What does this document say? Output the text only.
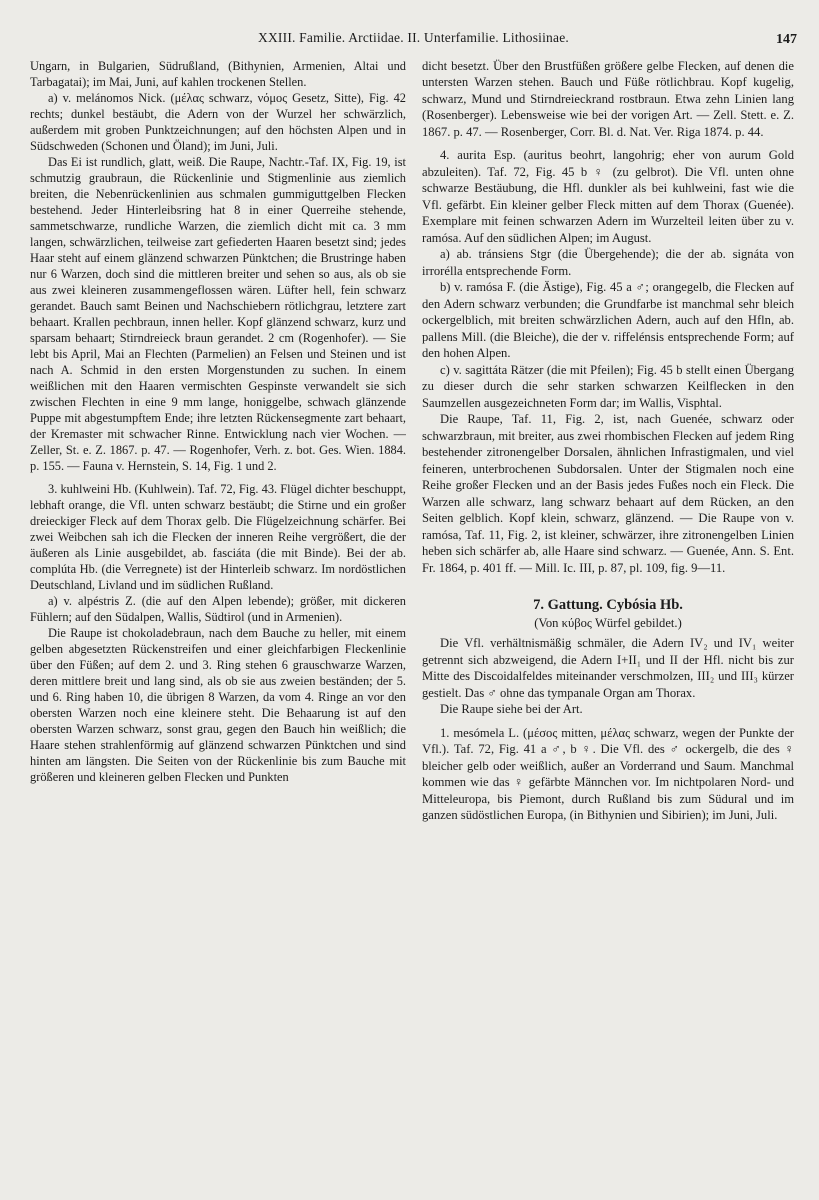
XXIII. Familie. Arctiidae. II. Unterfamilie. Lithosiinae.	147

Ungarn, in Bulgarien, Südrußland, (Bithynien, Armenien, Altai und Tarbagatai); im Mai, Juni, auf kahlen trockenen Stellen.

a) v. melánomos Nick. (μέλας schwarz, νόμος Gesetz, Sitte), Fig. 42 rechts; dunkel bestäubt, die Adern von der Wurzel her schwärzlich, außerdem mit groben Punktzeichnungen; auf den höchsten Alpen und in Südschweden (Schonen und Öland); im Juni, Juli.

Das Ei ist rundlich, glatt, weiß. Die Raupe, Nachtr.-Taf. IX, Fig. 19, ist schmutzig graubraun, die Rückenlinie und Stigmenlinie aus ziemlich breiten, die Nebenrückenlinien aus schmalen gummiguttgelben Flecken bestehend. Jeder Hinterleibsring hat 8 in einer Querreihe stehende, sammetschwarze, rundliche Warzen, die ziemlich dicht mit ca. 3 mm langen, schwärzlichen, teilweise zart gefiederten Haaren besetzt sind; jedes Haar steht auf einem glänzend schwarzen Pünktchen; die Brustringe haben nur 6 Warzen, doch sind die mittleren breiter und sehen so aus, als ob sie aus zwei kleineren zusammengeflossen wären. Lüfter hell, fein schwarz gerandet. Bauch samt Beinen und Nachschiebern rötlichgrau, letztere zart behaart. Krallen pechbraun, innen heller. Kopf glänzend schwarz, kurz und sparsam behaart; Stirndreieck braun gerandet. 2 cm (Rogenhofer). — Sie lebt bis April, Mai an Flechten (Parmelien) an Felsen und Steinen und ist nach A. Schmid in den ersten Morgenstunden zu suchen. In einem weißlichen mit den Haaren vermischten Gespinste verwandelt sie sich zwischen Flechten in eine 9 mm lange, honiggelbe, schwach glänzende Puppe mit abgestumpftem Ende; ihre letzten Rückensegmente zart behaart, der Kremaster mit schwacher Rinne. Entwicklung nach vier Wochen. — Zeller, St. e. Z. 1867. p. 47. — Rogenhofer, Verh. z. bot. Ges. Wien. 1884. p. 155. — Fauna v. Hernstein, S. 14, Fig. 1 und 2.

3. kuhlweini Hb. (Kuhlwein). Taf. 72, Fig. 43. Flügel dichter beschuppt, lebhaft orange, die Vfl. unten schwarz bestäubt; die Stirne und ein großer dreieckiger Fleck auf dem Thorax gelb. Die Flügelzeichnung schärfer. Bei zwei Weibchen sah ich die Flecken der inneren Reihe vergrößert, die der äußeren als Linie ausgebildet, ab. fasciáta (die mit Binde). Bei der ab. complúta Hb. (die Verregnete) ist der Hinterleib schwarz. Im nordöstlichen Deutschland, Livland und im südlichen Rußland.

a) v. alpéstris Z. (die auf den Alpen lebende); größer, mit dickeren Fühlern; auf den Südalpen, Wallis, Südtirol (und in Armenien).

Die Raupe ist chokoladebraun, nach dem Bauche zu heller, mit einem gelben abgesetzten Rückenstreifen und einer gleichfarbigen Fleckenlinie über den Füßen; auf dem 2. und 3. Ring stehen 6 grauschwarze Warzen, deren mittlere breit und lang sind, als ob sie aus zweien beständen; der 5. und 6. Ring haben 10, die übrigen 8 Warzen, da vom 4. Ringe an vor den obersten Warzen noch eine kleinere steht. Die Behaarung ist auf den obersten Warzen schwarz, sonst grau, gegen den Bauch hin weißlich; die Haare stehen strahlenförmig auf glänzend schwarzen Pünktchen und sind hinten am längsten. Die Seiten von der Rückenlinie bis zum Bauche mit größeren und kleineren gelben Flecken und Punkten

dicht besetzt. Über den Brustfüßen größere gelbe Flecken, auf denen die untersten Warzen stehen. Bauch und Füße rötlichbrau. Kopf kugelig, schwarz, Mund und Stirndreieckrand rostbraun. Etwa zehn Linien lang (Rosenberger). Lebensweise wie bei der vorigen Art. — Zell. Stett. e. Z. 1867. p. 47. — Rosenberger, Corr. Bl. d. Nat. Ver. Riga 1874. p. 44.

4. aurita Esp. (auritus beohrt, langohrig; eher von aurum Gold abzuleiten). Taf. 72, Fig. 45 b ♀ (zu gelbrot). Die Vfl. unten ohne schwarze Bestäubung, die Hfl. dunkler als bei kuhlweini, fast wie die Vfl. gefärbt. Ein kleiner gelber Fleck mitten auf dem Thorax (Guenée). Exemplare mit feinen schwarzen Adern im Wurzelteil leiten über zu v. ramósa. Auf den südlichen Alpen; im August.

a) ab. tránsiens Stgr (die Übergehende); die der ab. signáta von irrorélla entsprechende Form.

b) v. ramósa F. (die Ästige), Fig. 45 a ♂; orangegelb, die Flecken auf den Adern schwarz verbunden; die Grundfarbe ist manchmal sehr bleich ockergelblich, mit breiten schwärzlichen Adern, auch auf den Hfln, ab. pallens Mill. (die Bleiche), die der v. riffelénsis entsprechende Form; auf den hohen Alpen.

c) v. sagittáta Rätzer (die mit Pfeilen); Fig. 45 b stellt einen Übergang zu dieser durch die sehr starken schwarzen Keilflecken in den Saumzellen ausgezeichneten Form dar; im Wallis, Visphtal.

Die Raupe, Taf. 11, Fig. 2, ist, nach Guenée, schwarz oder schwarzbraun, mit breiter, aus zwei rhombischen Flecken auf jedem Ring bestehender zitronengelber Dorsalen, ähnlichen Infrastigmalen, und viel feineren, unterbrochenen Subdorsalen. Unter der Stigmalen noch eine Reihe großer Flecken und an der Basis jedes Fußes noch ein Fleck. Die Warzen alle schwarz, lang schwarz behaart auf dem Rücken, an den Seiten gelblich. Kopf klein, schwarz, glänzend. — Die Raupe von v. ramósa, Taf. 11, Fig. 2, ist kleiner, schwärzer, ihre zitronengelben Linien heben sich schärfer ab, alle Haare sind schwarz. — Guenée, Ann. S. Ent. Fr. 1864, p. 401 ff. — Mill. Ic. III, p. 87, pl. 109, fig. 9—11.

7. Gattung. Cybósia Hb.
(Von κύβος Würfel gebildet.)

Die Vfl. verhältnismäßig schmäler, die Adern IV₂ und IV₁ weiter getrennt sich abzweigend, die Adern I+II₁ und II der Hfl. nicht bis zur Mitte des Discoidalfeldes miteinander verschmolzen, III₂ und III₃ kürzer gestielt. Das ♂ ohne das tympanale Organ am Thorax.

Die Raupe siehe bei der Art.

1. mesómela L. (μέσος mitten, μέλας schwarz, wegen der Punkte der Vfl.). Taf. 72, Fig. 41 a ♂, b ♀. Die Vfl. des ♂ ockergelb, die des ♀ bleicher gelb oder weißlich, außer an Vorderrand und Saum. Manchmal kommen wie das ♀ gefärbte Männchen vor. Im nichtpolaren Nord- und Mitteleuropa, bis Piemont, durch Rußland bis zum Südural und im ganzen südöstlichen Europa, (in Bithynien und Sibirien); im Juni, Juli.
